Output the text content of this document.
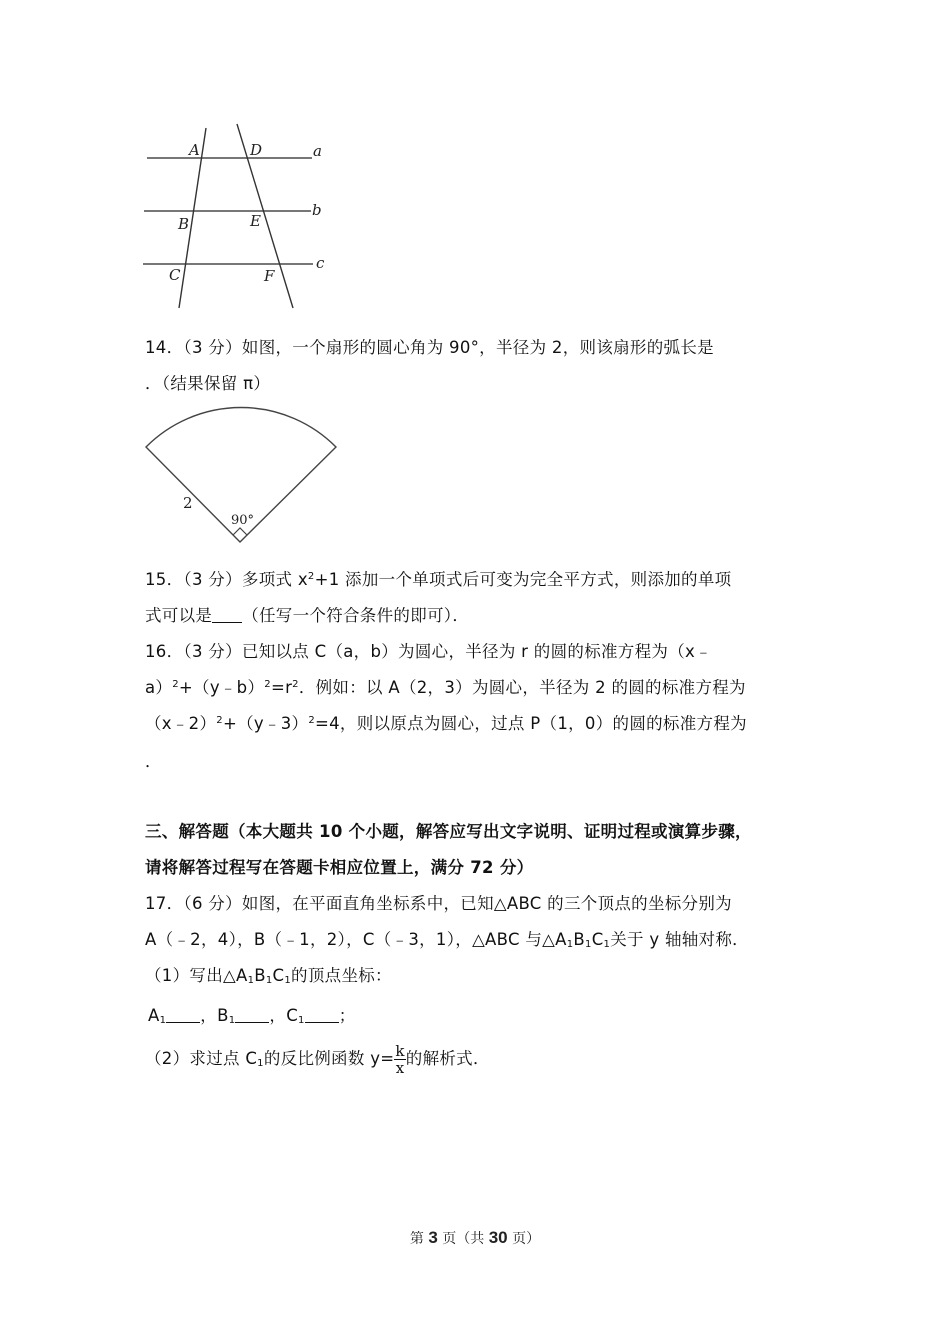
a
b
c
A	D
B	E
C	F
14．（3 分）如图，一个扇形的圆心角为 90°，半径为 2，则该扇形的弧长是
．（结果保留 π）
2
90°
15．（3 分）多项式 $x^2+1$ 添加一个单项式后可变为完全平方式，则添加的单项
式可以是 （任写一个符合条件的即可）．
16．（3 分）已知以点 C（a，b）为圆心，半径为 r 的圆的标准方程为（x﹣
$a)^2+(y﹣b)^2=r^2$．例如：以 A（2，3）为圆心，半径为 2 的圆的标准方程为
（x﹣2）$^2$+（y﹣3）$^2$=4，则以原点为圆心，过点 P（1，0）的圆的标准方程为
．
三、解答题（本大题共 10 个小题，解答应写出文字说明、证明过程或演算步骤，
请将解答过程写在答题卡相应位置上，满分 72 分）
17．（6 分）如图，在平面直角坐标系中，已知△ABC 的三个顶点的坐标分别为
A（﹣2，4），B（﹣1，2），C（﹣3，1），△ABC 与$\triangle A_1B_1C_1$关于 y 轴轴对称．
（1）写出$\triangle A_1B_1C_1$的顶点坐标：
$A_1$ ，$B_1$ ，$C_1$ ；
（2）求过点 $C_1$的反比例函数 $y= \frac{k}{x}$ 的解析式．
第 3 页（共 30 页）
